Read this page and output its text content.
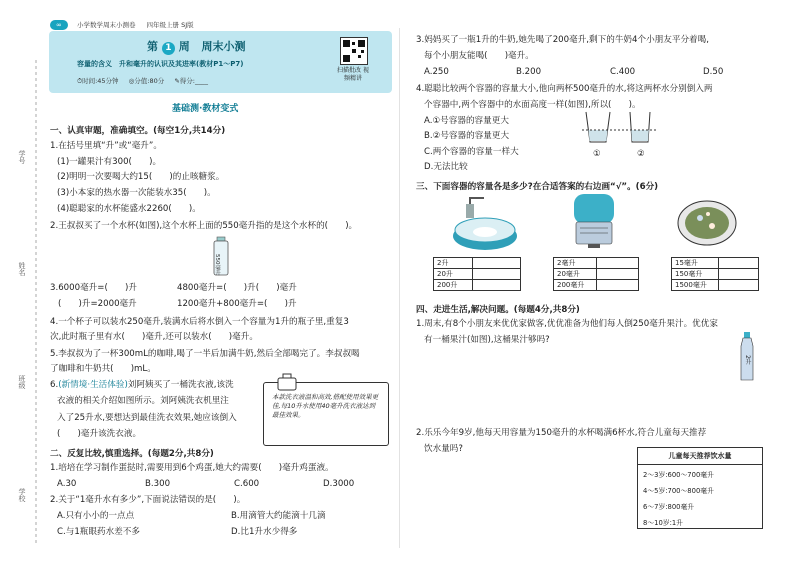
学号
姓名
班级
学校
∞ 小学数学周末小测卷 四年级上册 SJ版
第 1 周 周末小测
容量的含义　升和毫升的认识及其进率(教材P1～P7)
⏱时间:45分钟 ◎分值:80分 ✎得分:____
扫描批改 视频精讲
基础测·教材变式
一、认真审题，准确填空。(每空1分,共14分)
1.在括号里填“升”或“毫升”。
(1)一罐果汁有300(　　)。
(2)明明一次要喝大约15(　　)的止咳糖浆。
(3)小本家的热水器一次能装水35(　　)。
(4)聪聪家的水杯能盛水2260(　　)。
2.王叔叔买了一个水杯(如图),这个水杯上面的550毫升指的是这个水杯的(　　)。
550毫升
3.6000毫升=(　　)升	4800毫升=(　　)升(　　)毫升
(　　)升=2000毫升	1200毫升+800毫升=(　　)升
4.一个杯子可以装水250毫升,装满水后将水倒入一个容量为1升的瓶子里,重复3
次,此时瓶子里有水(　　)毫升,还可以装水(　　)毫升。
5.李叔叔为了一杯300mL的咖啡,喝了一半后加满牛奶,然后全部喝完了。李叔叔喝
了咖啡和牛奶共(　　)mL。
6.(新情境·生活体验)刘阿姨买了一桶洗衣液,该洗
衣液的相关介绍如图所示。刘阿姨洗衣机里注
入了25升水,要想达到最佳洗衣效果,她应该倒入
(　　)毫升该洗衣液。
本款洗衣液温和高效,搭配使用效果更佳,每10升水使用40毫升洗衣液达到最佳效果。
二、反复比较,慎重选择。(每题2分,共8分)
1.培培在学习制作蛋挞时,需要用到6个鸡蛋,她大约需要(　　)毫升鸡蛋液。
A.30	B.300	C.600	D.3000
2.关于“1毫升水有多少”,下面说法错误的是(　　)。
A.只有小小的一点点	B.用滴管大约能滴十几滴
C.与1瓶眼药水差不多	D.比1升水少得多
3.妈妈买了一瓶1升的牛奶,她先喝了200毫升,剩下的牛奶4个小朋友平分着喝,
每个小朋友能喝(　　)毫升。
A.250	B.200	C.400	D.50
4.聪聪比较两个容器的容量大小,他向两杯500毫升的水,将这两杯水分别倒入两
个容器中,两个容器中的水面高度一样(如图),所以(　　)。
A.①号容器的容量更大
B.②号容器的容量更大
C.两个容器的容量一样大
D.无法比较
①	②
三、下面容器的容量各是多少?在合适答案的右边画“√”。(6分)
2升	
20升	
200升	
2毫升	
20毫升	
200毫升	
15毫升	
150毫升	
1500毫升	
四、走进生活,解决问题。(每题4分,共8分)
1.周末,有8个小朋友来优优家做客,优优准备为他们每人倒250毫升果汁。优优家
有一桶果汁(如图),这桶果汁够吗?
2升
2.乐乐今年9岁,他每天用容量为150毫升的水杯喝满6杯水,符合儿童每天推荐
饮水量吗?
儿童每天推荐饮水量
2～3岁:600～700毫升
4～5岁:700～800毫升
6～7岁:800毫升
8～10岁:1升
